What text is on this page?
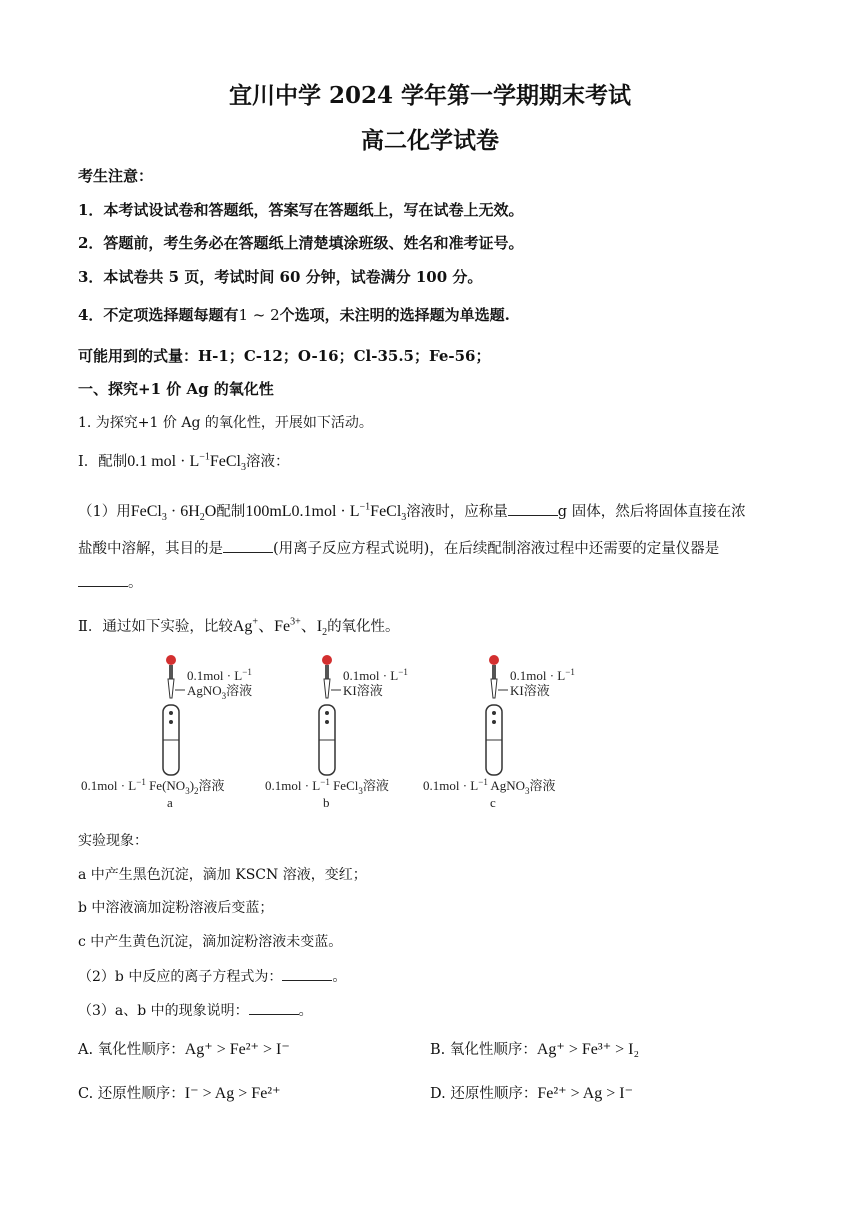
宜川中学 2024 学年第一学期期末考试
高二化学试卷
考生注意：
1．本考试设试卷和答题纸，答案写在答题纸上，写在试卷上无效。
2．答题前，考生务必在答题纸上清楚填涂班级、姓名和准考证号。
3．本试卷共 5 页，考试时间 60 分钟，试卷满分 100 分。
4．不定项选择题每题有1 ~ 2个选项，未注明的选择题为单选题.
可能用到的式量：H-1；C-12；O-16；Cl-35.5；Fe-56；
一、探究+1 价 Ag 的氧化性
1. 为探究+1 价 Ag 的氧化性，开展如下活动。
Ⅰ．配制0.1 mol · $L^{-1}FeCl_3$溶液：
（1）用FeCl$_3$ · $6H_2O$配制$100mL0.1mol \cdot L^{-1}FeCl_3$溶液时，应称量	g 固体，然后将固体直接在浓
盐酸中溶解，其目的是	(用离子反应方程式说明)，在后续配制溶液过程中还需要的定量仪器是
。
Ⅱ．通过如下实验，比较Ag+、$Fe^{3+}$、$I_2$的氧化性。
$0.1mol \cdot L^{-1}$
AgNO$_3$溶液
$0.1mol \cdot L^{-1}$ $Fe(NO_3)_2$溶液
a
$0.1mol \cdot L^{-1}$
KI溶液
$0.1mol \cdot L^{-1}$ FeCl$_3$溶液
b
$0.1mol \cdot L^{-1}$
KI溶液
$0.1mol \cdot L^{-1}$ AgNO$_3$溶液
c
实验现象：
a 中产生黑色沉淀，滴加 KSCN 溶液，变红；
b 中溶液滴加淀粉溶液后变蓝；
c 中产生黄色沉淀，滴加淀粉溶液未变蓝。
（2）b 中反应的离子方程式为：	。
（3）a、b 中的现象说明：	。
A. 氧化性顺序：Ag⁺ > Fe²⁺ > I⁻	B. 氧化性顺序：Ag⁺ > Fe³⁺ > I₂
C. 还原性顺序：I⁻ > Ag > Fe²⁺	D. 还原性顺序：Fe²⁺ > Ag > I⁻
